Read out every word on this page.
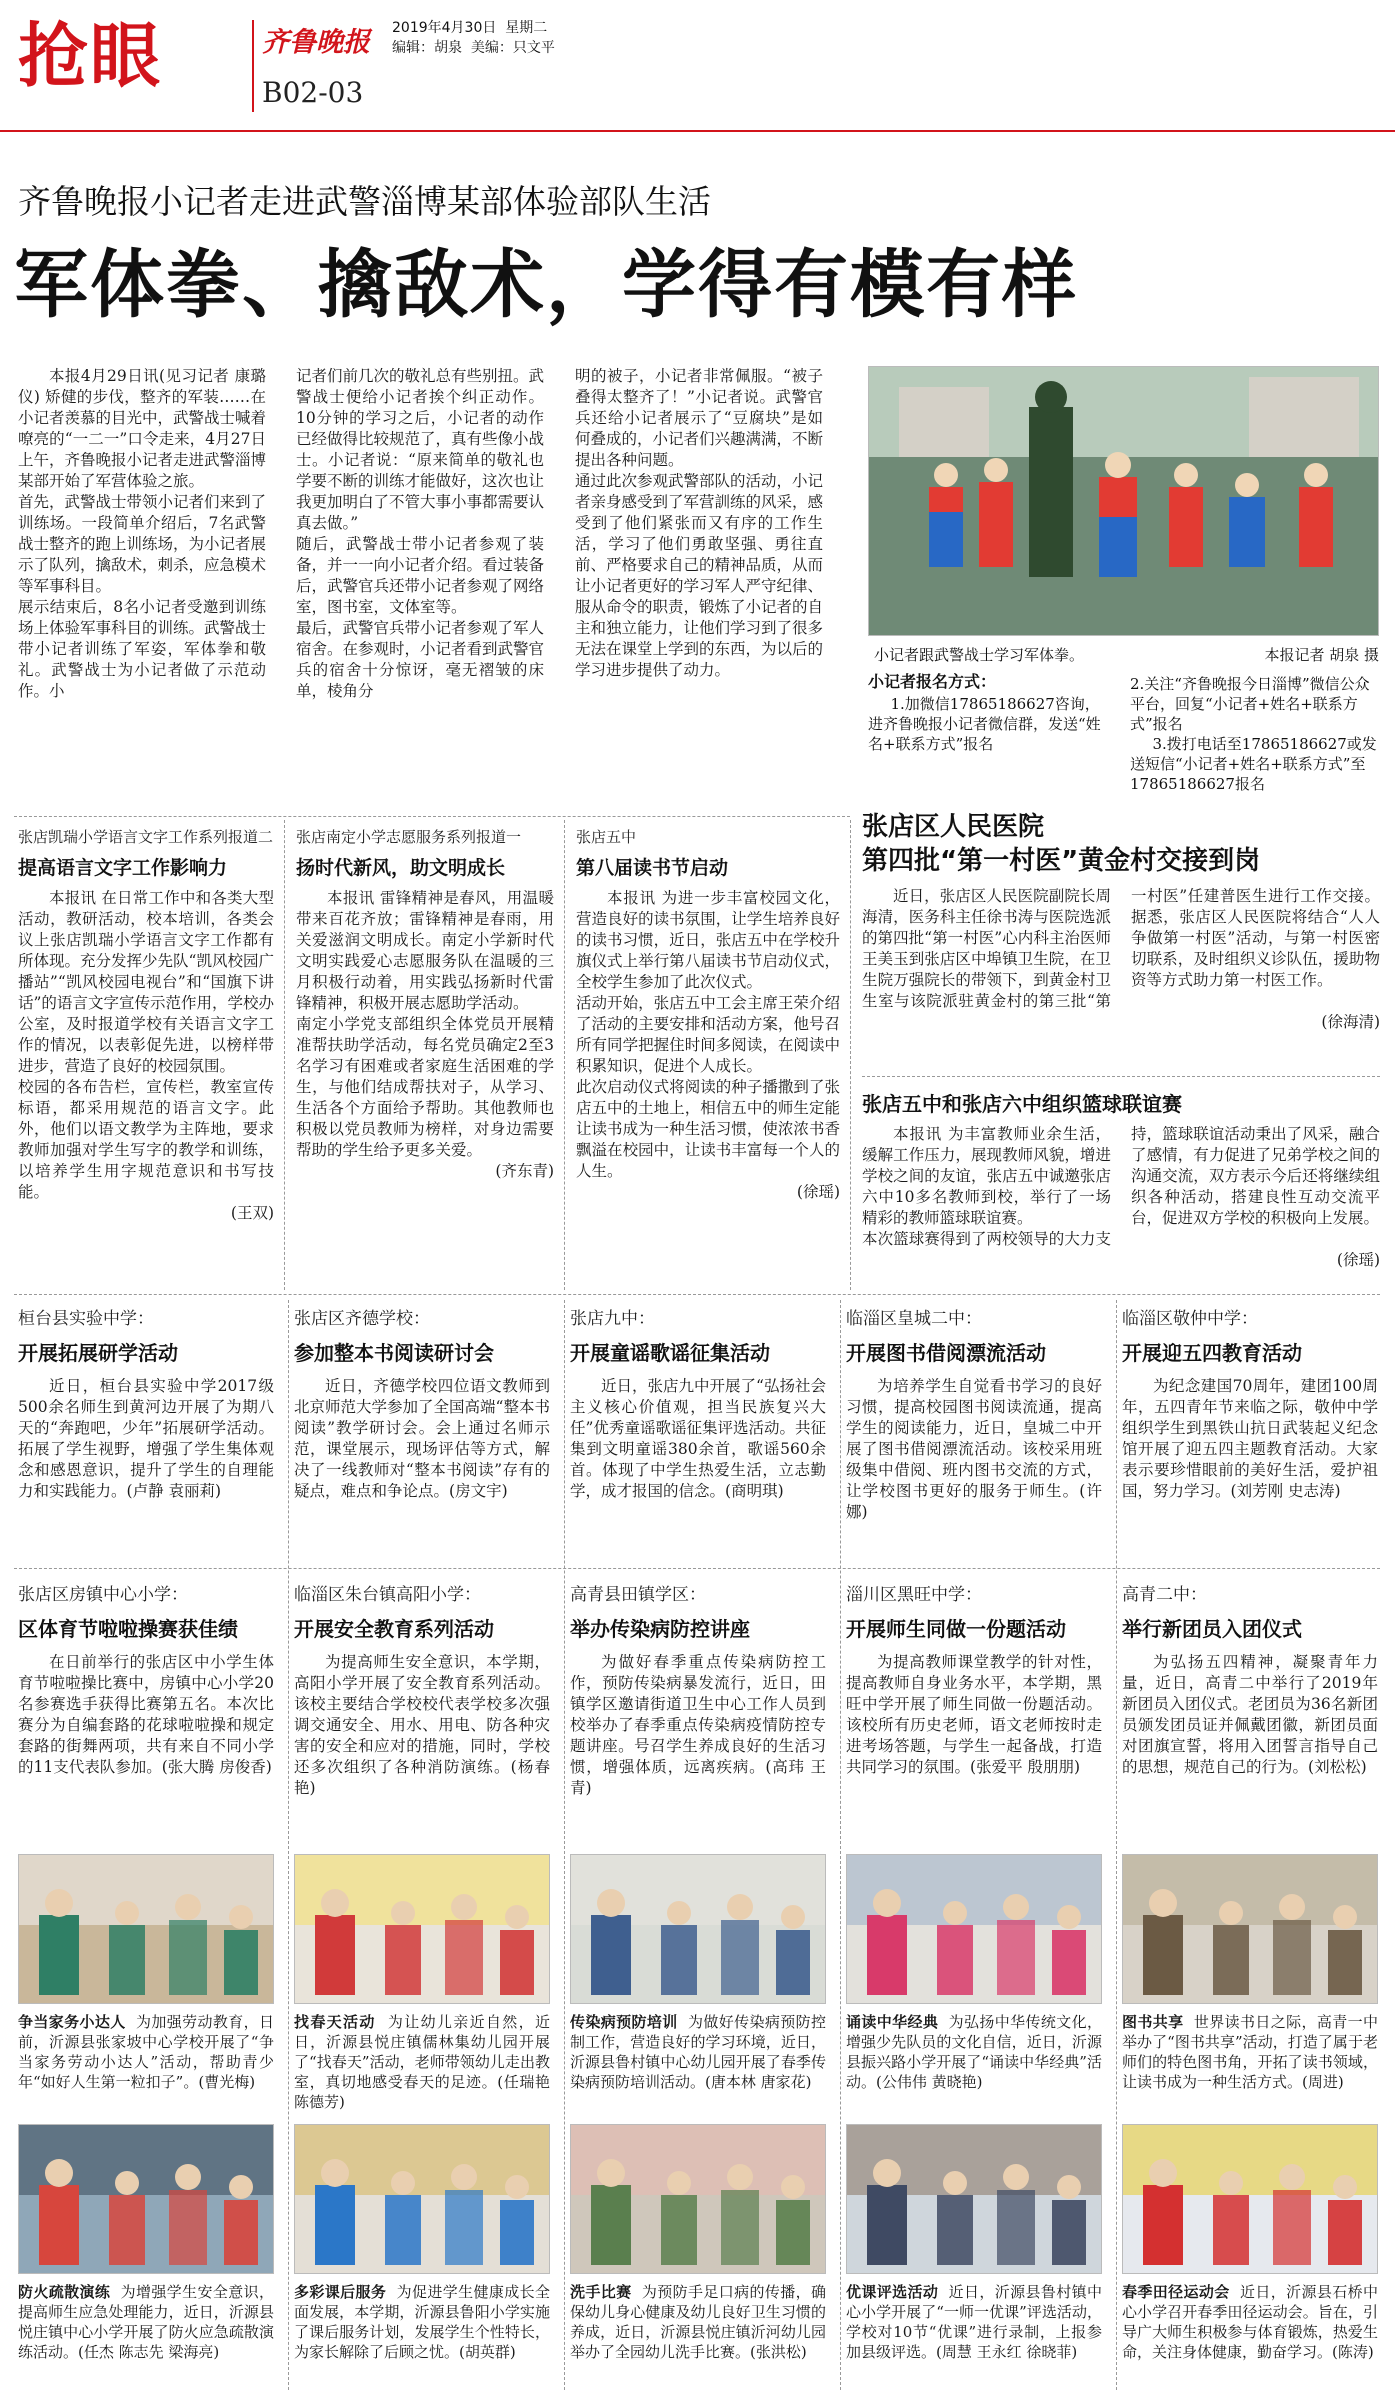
抢眼	齐鲁晚报 2019年4月30日 星期二
编辑：胡泉 美编：只文平
B02-03
齐鲁晚报小记者走进武警淄博某部体验部队生活
军体拳、擒敌术，学得有模有样

本报4月29日讯(见习记者 康璐仪) 矫健的步伐，整齐的军装……在小记者羡慕的目光中，武警战士喊着嘹亮的“一二一”口令走来，4月27日上午，齐鲁晚报小记者走进武警淄博某部开始了军营体验之旅。
首先，武警战士带领小记者们来到了训练场。一段简单介绍后，7名武警战士整齐的跑上训练场，为小记者展示了队列，擒敌术，刺杀，应急模术等军事科目。
展示结束后，8名小记者受邀到训练场上体验军事科目的训练。武警战士带小记者训练了军姿，军体拳和敬礼。武警战士为小记者做了示范动作。小

记者们前几次的敬礼总有些别扭。武警战士便给小记者挨个纠正动作。10分钟的学习之后，小记者的动作已经做得比较规范了，真有些像小战士。小记者说：“原来简单的敬礼也学要不断的训练才能做好，这次也让我更加明白了不管大事小事都需要认真去做。”
随后，武警战士带小记者参观了装备，并一一向小记者介绍。看过装备后，武警官兵还带小记者参观了网络室，图书室，文体室等。
最后，武警官兵带小记者参观了军人宿舍。在参观时，小记者看到武警官兵的宿舍十分惊讶，毫无褶皱的床单，棱角分

明的被子，小记者非常佩服。“被子叠得太整齐了！”小记者说。武警官兵还给小记者展示了“豆腐块”是如何叠成的，小记者们兴趣满满，不断提出各种问题。
通过此次参观武警部队的活动，小记者亲身感受到了军营訓练的风采，感受到了他们紧张而又有序的工作生活，学习了他们勇敢坚强、勇往直前、严格要求自己的精神品质，从而让小记者更好的学习军人严守纪律、服从命令的职责，锻炼了小记者的自主和独立能力，让他们学习到了很多无法在课堂上学到的东西，为以后的学习进步提供了动力。

小记者跟武警战士学习军体拳。	本报记者 胡泉 摄
小记者报名方式：
1.加微信17865186627咨询，进齐鲁晚报小记者微信群，发送“姓名+联系方式”报名
2.关注“齐鲁晚报今日淄博”微信公众平台，回复“小记者+姓名+联系方式”报名
3.拨打电话至17865186627或发送短信“小记者+姓名+联系方式”至17865186627报名
张店凯瑞小学语言文字工作系列报道二
提高语言文字工作影响力
本报讯 在日常工作中和各类大型活动，教研活动，校本培训，各类会议上张店凯瑞小学语言文字工作都有所体现。充分发挥少先队“凯风校园广播站”“凯风校园电视台”和“国旗下讲话”的语言文字宣传示范作用，学校办公室，及时报道学校有关语言文字工作的情况，以表彰促先进，以榜样带进步，营造了良好的校园氛围。
校园的各布告栏，宣传栏，教室宣传标语，都采用规范的语言文字。此外，他们以语文教学为主阵地，要求教师加强对学生写字的教学和训练，以培养学生用字规范意识和书写技能。
(王双)
张店南定小学志愿服务系列报道一
扬时代新风，助文明成长
本报讯 雷锋精神是春风，用温暖带来百花齐放；雷锋精神是春雨，用关爱滋润文明成长。南定小学新时代文明实践爱心志愿服务队在温暖的三月积极行动着，用实践弘扬新时代雷锋精神，积极开展志愿助学活动。
南定小学党支部组织全体党员开展精准帮扶助学活动，每名党员确定2至3名学习有困难或者家庭生活困难的学生，与他们结成帮扶对子，从学习、生活各个方面给予帮助。其他教师也积极以党员教师为榜样，对身边需要帮助的学生给予更多关爱。
(齐东青)
张店五中
第八届读书节启动
本报讯 为进一步丰富校园文化，营造良好的读书氛围，让学生培养良好的读书习惯，近日，张店五中在学校升旗仪式上举行第八届读书节启动仪式，全校学生参加了此次仪式。
活动开始，张店五中工会主席王荣介绍了活动的主要安排和活动方案，他号召所有同学把握住时间多阅读，在阅读中积累知识，促进个人成长。
此次启动仪式将阅读的种子播撒到了张店五中的土地上，相信五中的师生定能让读书成为一种生活习惯，使浓浓书香飘溢在校园中，让读书丰富每一个人的人生。
(徐瑶)
张店区人民医院
第四批“第一村医”黄金村交接到岗
近日，张店区人民医院副院长周海清，医务科主任徐书涛与医院选派的第四批“第一村医”心内科主治医师王美玉到张店区中埠镇卫生院，在卫生院万强院长的带领下，到黄金村卫生室与该院派驻黄金村的第三批“第一村医”任建普医生进行工作交接。据悉，张店区人民医院将结合“人人争做第一村医”活动，与第一村医密切联系，及时组织义诊队伍，援助物资等方式助力第一村医工作。
(徐海清)
张店五中和张店六中组织篮球联谊赛
本报讯 为丰富教师业余生活，缓解工作压力，展现教师风貌，增进学校之间的友谊，张店五中诚邀张店六中10多名教师到校，举行了一场精彩的教师篮球联谊赛。
本次篮球赛得到了两校领导的大力支持，篮球联谊活动秉出了风采，融合了感情，有力促进了兄弟学校之间的沟通交流，双方表示今后还将继续组织各种活动，搭建良性互动交流平台，促进双方学校的积极向上发展。
(徐瑶)
桓台县实验中学：
开展拓展研学活动
近日，桓台县实验中学2017级500余名师生到黄河边开展了为期八天的“奔跑吧，少年”拓展研学活动。拓展了学生视野，增强了学生集体观念和感恩意识，提升了学生的自理能力和实践能力。(卢静 袁丽莉)
张店区齐德学校：
参加整本书阅读研讨会
近日，齐德学校四位语文教师到北京师范大学参加了全国高端“整本书阅读”教学研讨会。会上通过名师示范，课堂展示，现场评估等方式，解决了一线教师对“整本书阅读”存有的疑点，难点和争论点。(房文宇)
张店九中：
开展童谣歌谣征集活动
近日，张店九中开展了“弘扬社会主义核心价值观，担当民族复兴大任”优秀童谣歌谣征集评选活动。共征集到文明童谣380余首，歌谣560余首。体现了中学生热爱生活，立志勤学，成才报国的信念。(商明琪)
临淄区皇城二中：
开展图书借阅漂流活动
为培养学生自觉看书学习的良好习惯，提高校园图书阅读流通，提高学生的阅读能力，近日，皇城二中开展了图书借阅漂流活动。该校采用班级集中借阅、班内图书交流的方式，让学校图书更好的服务于师生。(许娜)
临淄区敬仲中学：
开展迎五四教育活动
为纪念建国70周年，建团100周年，五四青年节来临之际，敬仲中学组织学生到黑铁山抗日武装起义纪念馆开展了迎五四主题教育活动。大家表示要珍惜眼前的美好生活，爱护祖国，努力学习。(刘芳刚 史志涛)
张店区房镇中心小学：
区体育节啦啦操赛获佳绩
在日前举行的张店区中小学生体育节啦啦操比赛中，房镇中心小学20名参赛选手获得比赛第五名。本次比赛分为自编套路的花球啦啦操和规定套路的街舞两项，共有来自不同小学的11支代表队参加。(张大腾 房俊香)
临淄区朱台镇高阳小学：
开展安全教育系列活动
为提高师生安全意识，本学期，高阳小学开展了安全教育系列活动。该校主要结合学校校代表学校多次强调交通安全、用水、用电、防各种灾害的安全和应对的措施，同时，学校还多次组织了各种消防演练。(杨春艳)
高青县田镇学区：
举办传染病防控讲座
为做好春季重点传染病防控工作，预防传染病暴发流行，近日，田镇学区邀请街道卫生中心工作人员到校举办了春季重点传染病疫情防控专题讲座。号召学生养成良好的生活习惯，增强体质，远离疾病。(高玮 王青)
淄川区黑旺中学：
开展师生同做一份题活动
为提高教师课堂教学的针对性，提高教师自身业务水平，本学期，黑旺中学开展了师生同做一份题活动。该校所有历史老师，语文老师按时走进考场答题，与学生一起备战，打造共同学习的氛围。(张爱平 殷朋朋)
高青二中：
举行新团员入团仪式
为弘扬五四精神，凝聚青年力量，近日，高青二中举行了2019年新团员入团仪式。老团员为36名新团员颁发团员证并佩戴团徽，新团员面对团旗宣誓，将用入团誓言指导自己的思想，规范自己的行为。(刘松松)
争当家务小达人 为加强劳动教育，日前，沂源县张家坡中心学校开展了“争当家务劳动小达人”活动，帮助青少年“如好人生第一粒扣子”。(曹光梅)
找春天活动 为让幼儿亲近自然，近日，沂源县悦庄镇儒林集幼儿园开展了“找春天”活动，老师带领幼儿走出教室，真切地感受春天的足迹。(任瑞艳 陈德芳)
传染病预防培训 为做好传染病预防控制工作，营造良好的学习环境，近日，沂源县鲁村镇中心幼儿园开展了春季传染病预防培训活动。(唐本林 唐家花)
诵读中华经典 为弘扬中华传统文化，增强少先队员的文化自信，近日，沂源县振兴路小学开展了“诵读中华经典”活动。(公伟伟 黄晓艳)
图书共享 世界读书日之际，高青一中举办了“图书共享”活动，打造了属于老师们的特色图书角，开拓了读书领域，让读书成为一种生活方式。(周进)
防火疏散演练 为增强学生安全意识，提高师生应急处理能力，近日，沂源县悦庄镇中心小学开展了防火应急疏散演练活动。(任杰 陈志先 梁海亮)
多彩课后服务 为促进学生健康成长全面发展，本学期，沂源县鲁阳小学实施了课后服务计划，发展学生个性特长，为家长解除了后顾之忧。(胡英群)
洗手比赛 为预防手足口病的传播，确保幼儿身心健康及幼儿良好卫生习惯的养成，近日，沂源县悦庄镇沂河幼儿园举办了全园幼儿洗手比赛。(张洪松)
优课评选活动 近日，沂源县鲁村镇中心小学开展了“一师一优课”评选活动，学校对10节“优课”进行录制，上报参加县级评选。(周慧 王永红 徐晓菲)
春季田径运动会 近日，沂源县石桥中心小学召开春季田径运动会。旨在，引导广大师生积极参与体育锻炼，热爱生命，关注身体健康，勤奋学习。(陈涛)
